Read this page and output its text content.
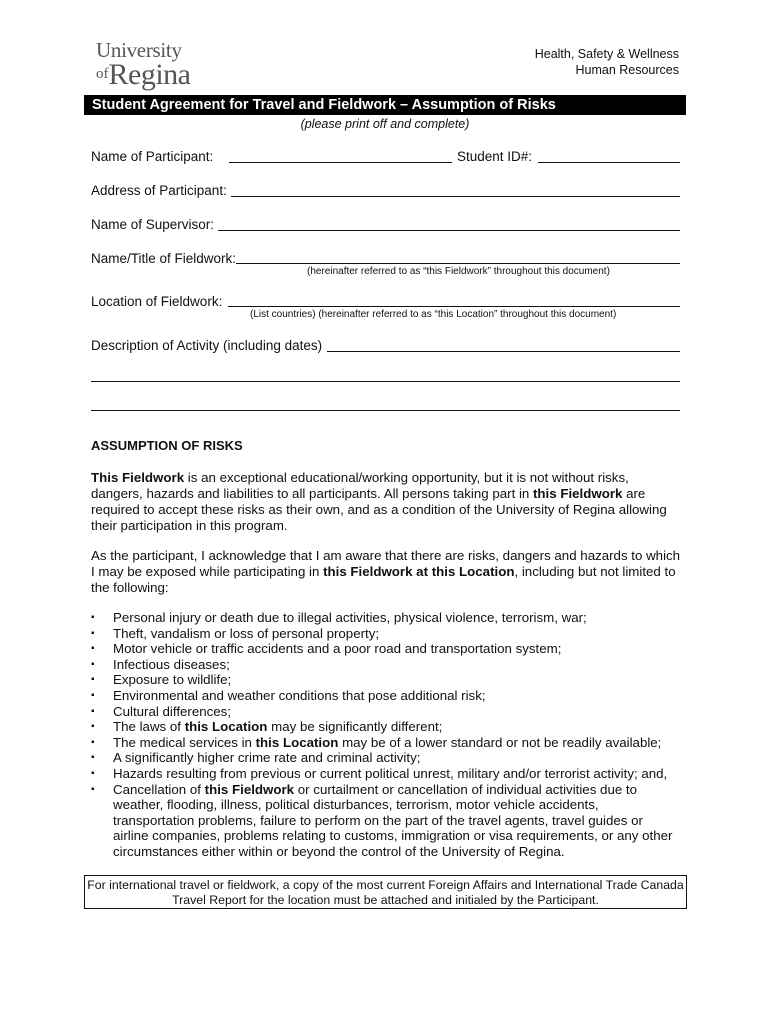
University
ofRegina
Health, Safety & Wellness
Human Resources
Student Agreement for Travel and Fieldwork – Assumption of Risks
(please print off and complete)
Name of Participant:	Student ID#:
Address of Participant:
Name of Supervisor:
Name/Title of Fieldwork:
(hereinafter referred to as “this Fieldwork” throughout this document)
Location of Fieldwork:
(List countries) (hereinafter referred to as “this Location” throughout this document)
Description of Activity (including dates)
ASSUMPTION OF RISKS
This Fieldwork is an exceptional educational/working opportunity, but it is not without risks, dangers, hazards and liabilities to all participants. All persons taking part in this Fieldwork are required to accept these risks as their own, and as a condition of the University of Regina allowing their participation in this program.
As the participant, I acknowledge that I am aware that there are risks, dangers and hazards to which I may be exposed while participating in this Fieldwork at this Location, including but not limited to the following:
▪ Personal injury or death due to illegal activities, physical violence, terrorism, war;
▪ Theft, vandalism or loss of personal property;
▪ Motor vehicle or traffic accidents and a poor road and transportation system;
▪ Infectious diseases;
▪ Exposure to wildlife;
▪ Environmental and weather conditions that pose additional risk;
▪ Cultural differences;
▪ The laws of this Location may be significantly different;
▪ The medical services in this Location may be of a lower standard or not be readily available;
▪ A significantly higher crime rate and criminal activity;
▪ Hazards resulting from previous or current political unrest, military and/or terrorist activity; and,
▪ Cancellation of this Fieldwork or curtailment or cancellation of individual activities due to weather, flooding, illness, political disturbances, terrorism, motor vehicle accidents, transportation problems, failure to perform on the part of the travel agents, travel guides or airline companies, problems relating to customs, immigration or visa requirements, or any other circumstances either within or beyond the control of the University of Regina.
For international travel or fieldwork, a copy of the most current Foreign Affairs and International Trade Canada Travel Report for the location must be attached and initialed by the Participant.
